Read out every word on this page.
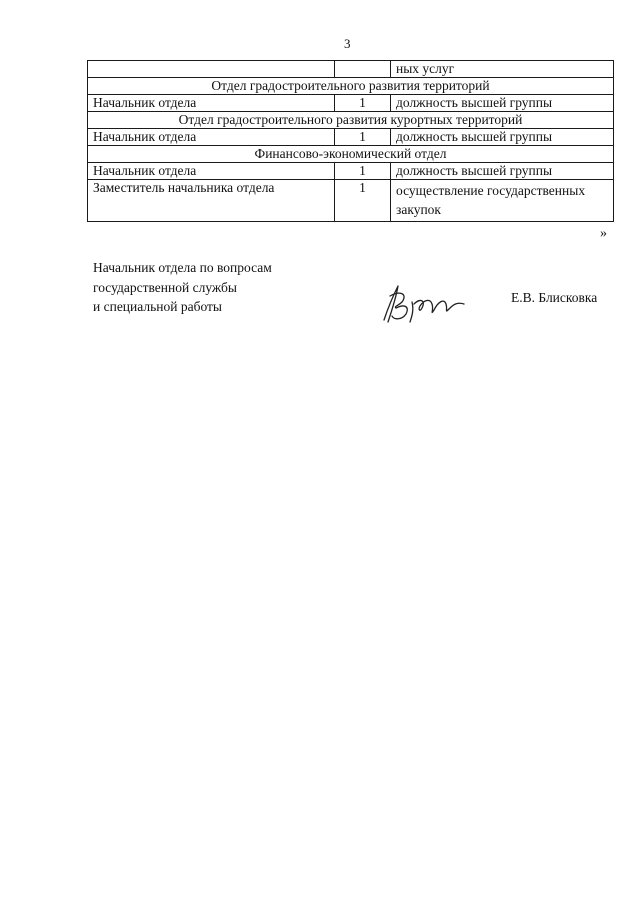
3
		ных услуг
Отдел градостроительного развития территорий		
Начальник отдела	1	должность высшей группы
Отдел градостроительного развития курортных территорий		
Начальник отдела	1	должность высшей группы
Финансово-экономический отдел		
Начальник отдела	1	должность высшей группы
Заместитель начальника отдела	1	осуществление государственных закупок
»
Начальник отдела по вопросам
государственной службы
и специальной работы
Е.В. Блисковка
